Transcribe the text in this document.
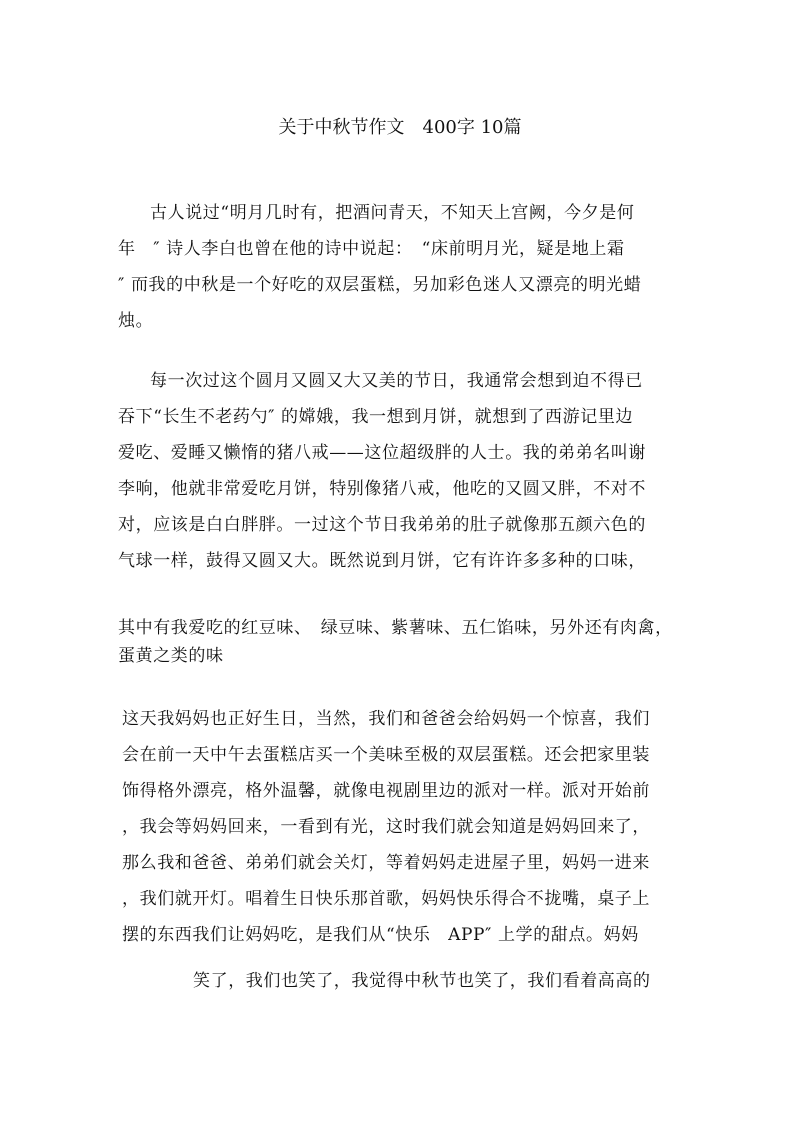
关于中秋节作文　400字 10篇
古人说过“明月几时有，把酒问青天，不知天上宫阙，今夕是何
年　″ 诗人李白也曾在他的诗中说起：　“床前明月光，疑是地上霜
″ 而我的中秋是一个好吃的双层蛋糕，另加彩色迷人又漂亮的明光蜡
烛。
每一次过这个圆月又圆又大又美的节日，我通常会想到迫不得已
吞下“长生不老药勺″ 的嫦娥，我一想到月饼，就想到了西游记里边
爱吃、爱睡又懒惰的猪八戒——这位超级胖的人士。我的弟弟名叫谢
李响，他就非常爱吃月饼，特别像猪八戒，他吃的又圆又胖，不对不
对，应该是白白胖胖。一过这个节日我弟弟的肚子就像那五颜六色的
气球一样，鼓得又圆又大。既然说到月饼，它有许许多多种的口味，
其中有我爱吃的红豆味、　绿豆味、紫薯味、五仁馅味，另外还有肉禽，
蛋黄之类的味
这天我妈妈也正好生日，当然，我们和爸爸会给妈妈一个惊喜，我们
会在前一天中午去蛋糕店买一个美味至极的双层蛋糕。还会把家里装
饰得格外漂亮，格外温馨，就像电视剧里边的派对一样。派对开始前
，我会等妈妈回来，一看到有光，这时我们就会知道是妈妈回来了，
那么我和爸爸、弟弟们就会关灯，等着妈妈走进屋子里，妈妈一进来
，我们就开灯。唱着生日快乐那首歌，妈妈快乐得合不拢嘴，桌子上
摆的东西我们让妈妈吃，是我们从“快乐　APP″ 上学的甜点。妈妈
笑了，我们也笑了，我觉得中秋节也笑了，我们看着高高的
